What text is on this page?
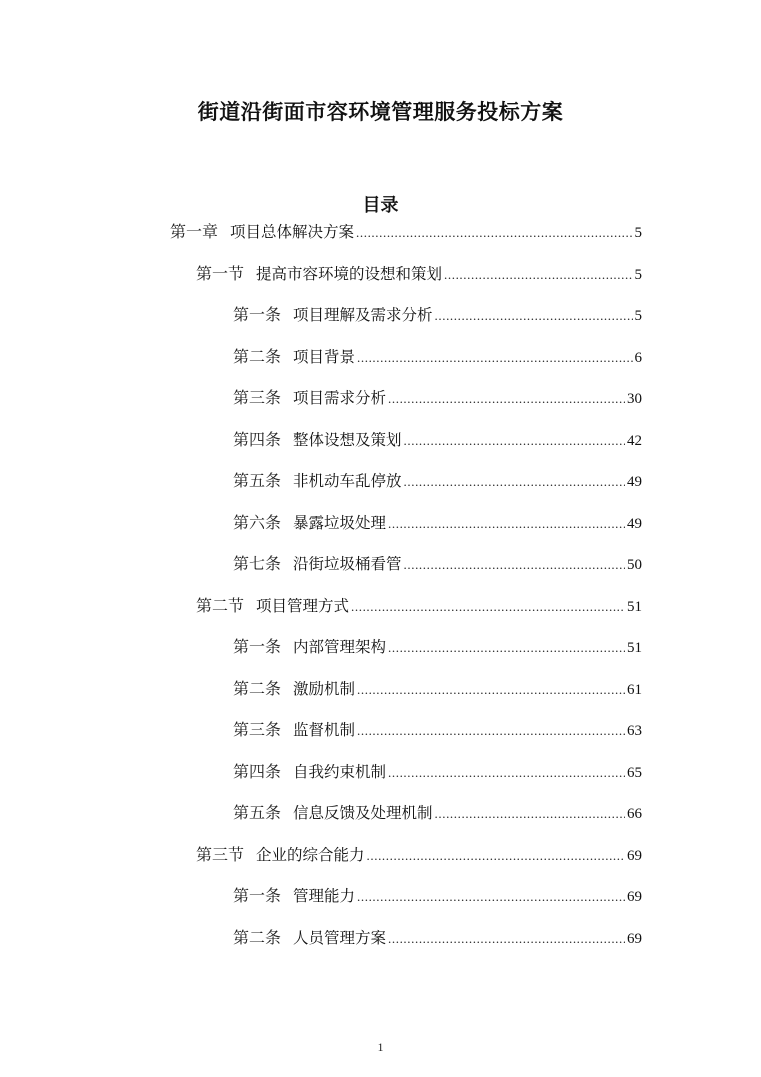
街道沿街面市容环境管理服务投标方案
目录
第一章 项目总体解决方案 .....	5
第一节 提高市容环境的设想和策划 .....	5
第一条 项目理解及需求分析 .....	5
第二条 项目背景 .....	6
第三条 项目需求分析 .....	30
第四条 整体设想及策划 .....	42
第五条 非机动车乱停放 .....	49
第六条 暴露垃圾处理 .....	49
第七条 沿街垃圾桶看管 .....	50
第二节 项目管理方式 .....	51
第一条 内部管理架构 .....	51
第二条 激励机制 .....	61
第三条 监督机制 .....	63
第四条 自我约束机制 .....	65
第五条 信息反馈及处理机制 .....	66
第三节 企业的综合能力 .....	69
第一条 管理能力 .....	69
第二条 人员管理方案 .....	69
1
